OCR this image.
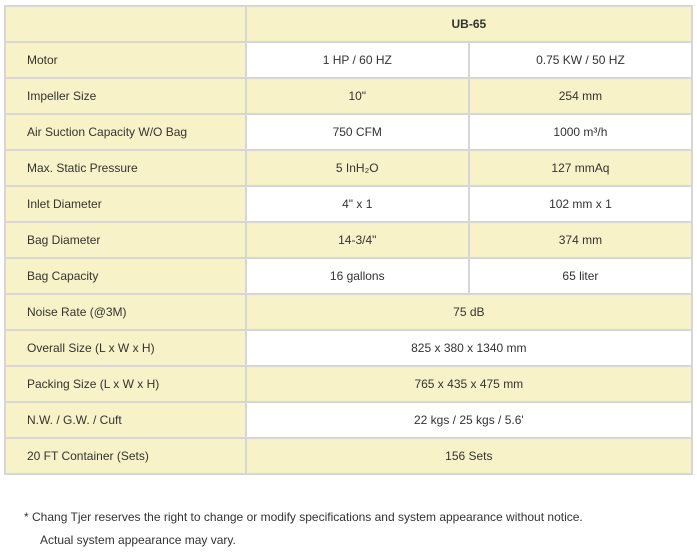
	UB-65	
Motor	1 HP / 60 HZ	0.75 KW / 50 HZ
Impeller Size	10"	254 mm
Air Suction Capacity W/O Bag	750 CFM	1000 m³/h
Max. Static Pressure	5 InH₂O	127 mmAq
Inlet Diameter	4" x 1	102 mm x 1
Bag Diameter	14-3/4"	374 mm
Bag Capacity	16 gallons	65 liter
Noise Rate (@3M)	75 dB	
Overall Size (L x W x H)	825 x 380 x 1340 mm	
Packing Size (L x W x H)	765 x 435 x 475 mm	
N.W. / G.W. / Cuft	22 kgs / 25 kgs / 5.6'	
20 FT Container (Sets)	156 Sets	
* Chang Tjer reserves the right to change or modify specifications and system appearance without notice.
Actual system appearance may vary.
